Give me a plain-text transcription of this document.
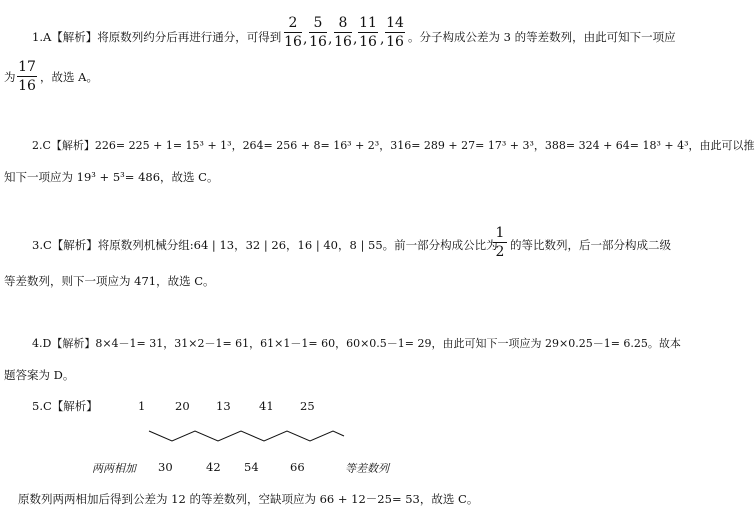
1.A【解析】将原数列约分后再进行通分，可得到
2
16 ,
5
16 ,
8
16 ,
11
16 ,
14
16 。分子构成公差为 3 的等差数列，由此可知下一项应
为
17
16
，故选 A。
2.C【解析】226= 225 + 1= 15³ + 1³，264= 256 + 8= 16³ + 2³，316= 289 + 27= 17³ + 3³，388= 324 + 64= 18³ + 4³，由此可以推
知下一项应为 19³ + 5³= 486，故选 C。
3.C【解析】将原数列机械分组:64 | 13，32 | 26，16 | 40，8 | 55。前一部分构成公比为
1
2 的等比数列，后一部分构成二级
等差数列，则下一项应为 471，故选 C。
4.D【解析】8×4－1= 31，31×2－1= 61，61×1－1= 60，60×0.5－1= 29，由此可知下一项应为 29×0.25－1= 6.25。故本
题答案为 D。
5.C【解析】	1	20 13 41 25
两两相加 30	42 54	66	等差数列
原数列两两相加后得到公差为 12 的等差数列，空缺项应为 66 + 12－25= 53，故选 C。
